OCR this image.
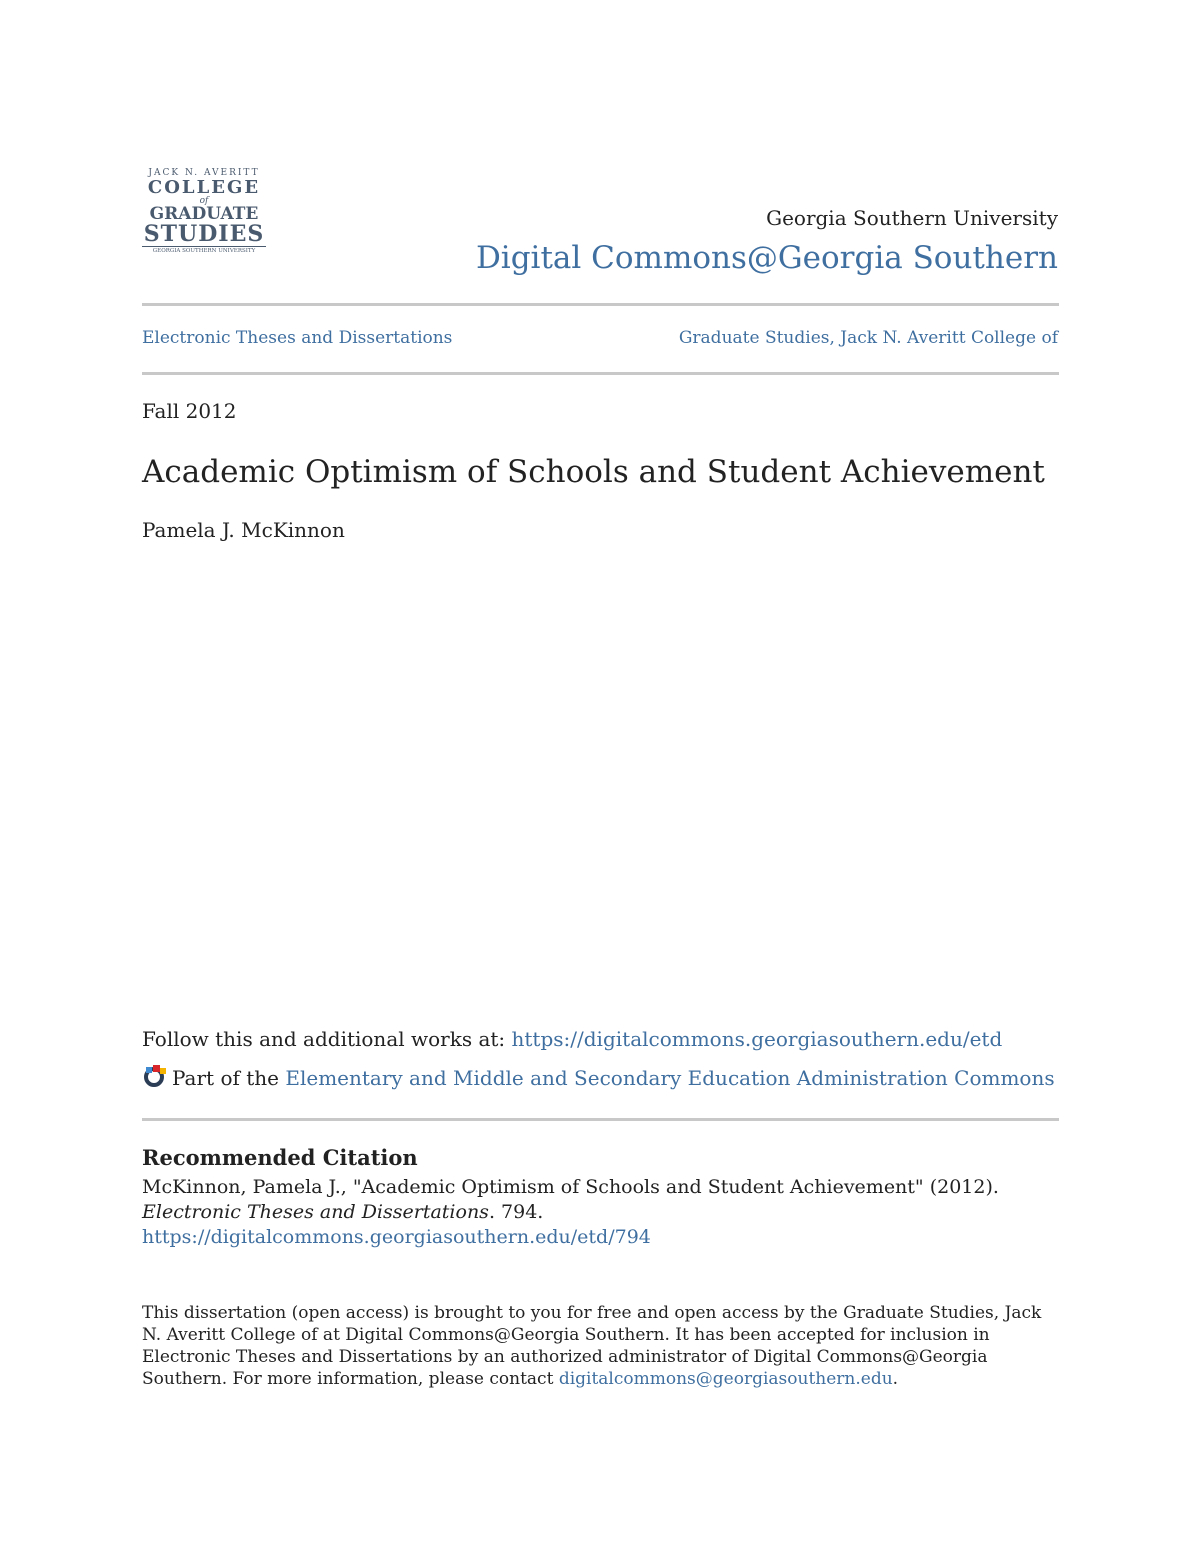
JACK N. AVERITT
COLLEGE
of
GRADUATE
STUDIES
GEORGIA SOUTHERN UNIVERSITY
Georgia Southern University
Digital Commons@Georgia Southern
Electronic Theses and Dissertations	Graduate Studies, Jack N. Averitt College of
Fall 2012
Academic Optimism of Schools and Student Achievement
Pamela J. McKinnon
Follow this and additional works at: https://digitalcommons.georgiasouthern.edu/etd
Part of the Elementary and Middle and Secondary Education Administration Commons
Recommended Citation
McKinnon, Pamela J., "Academic Optimism of Schools and Student Achievement" (2012).
Electronic Theses and Dissertations. 794.
https://digitalcommons.georgiasouthern.edu/etd/794
This dissertation (open access) is brought to you for free and open access by the Graduate Studies, Jack N. Averitt College of at Digital Commons@Georgia Southern. It has been accepted for inclusion in Electronic Theses and Dissertations by an authorized administrator of Digital Commons@Georgia Southern. For more information, please contact digitalcommons@georgiasouthern.edu.
